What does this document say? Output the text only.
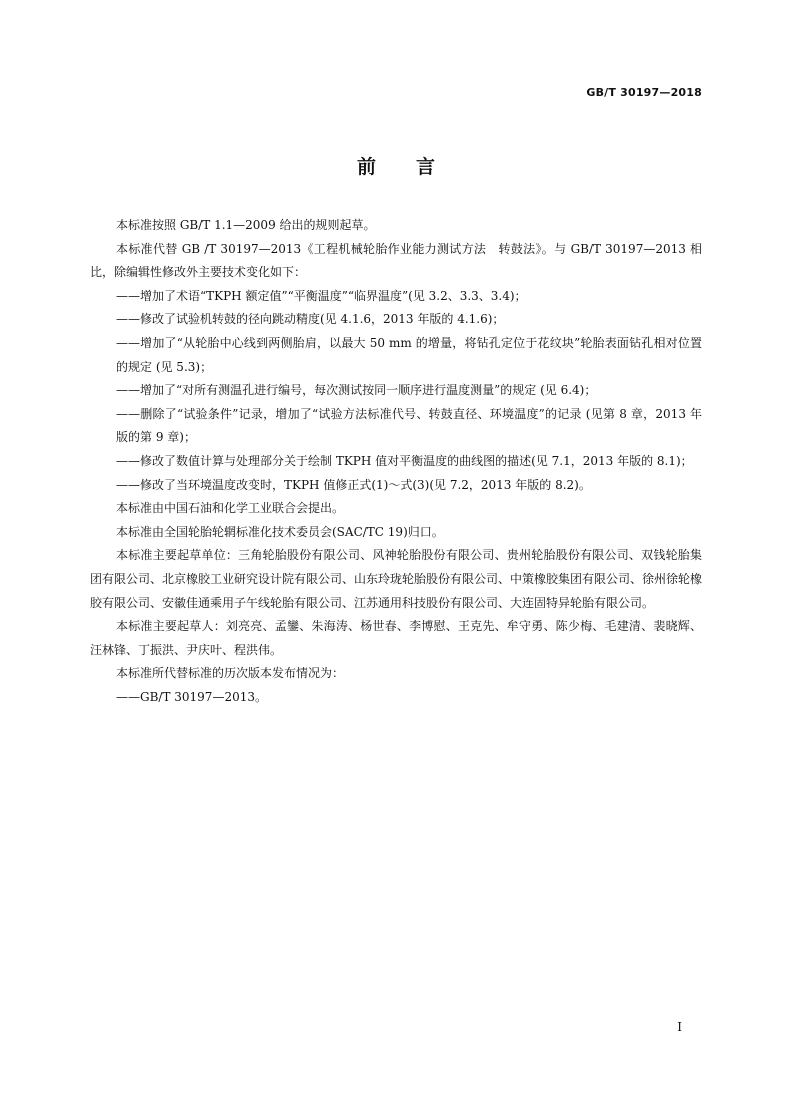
GB/T 30197—2018
前言

本标准按照 GB/T 1.1—2009 给出的规则起草。

本标准代替 GB /T 30197—2013《工程机械轮胎作业能力测试方法　转鼓法》。与 GB/T 30197—2013 相比，除编辑性修改外主要技术变化如下：

——增加了术语“TKPH 额定值”“平衡温度”“临界温度”(见 3.2、3.3、3.4)；

——修改了试验机转鼓的径向跳动精度(见 4.1.6，2013 年版的 4.1.6)；

——增加了“从轮胎中心线到两侧胎肩，以最大 50 mm 的增量，将钻孔定位于花纹块”轮胎表面钻孔相对位置的规定 (见 5.3)；

——增加了“对所有测温孔进行编号，每次测试按同一顺序进行温度测量”的规定 (见 6.4)；

——删除了“试验条件”记录，增加了“试验方法标准代号、转鼓直径、环境温度”的记录 (见第 8 章，2013 年版的第 9 章)；

——修改了数值计算与处理部分关于绘制 TKPH 值对平衡温度的曲线图的描述(见 7.1，2013 年版的 8.1)；

——修改了当环境温度改变时，TKPH 值修正式(1)～式(3)(见 7.2，2013 年版的 8.2)。

本标准由中国石油和化学工业联合会提出。

本标准由全国轮胎轮辋标准化技术委员会(SAC/TC 19)归口。

本标准主要起草单位：三角轮胎股份有限公司、风神轮胎股份有限公司、贵州轮胎股份有限公司、双钱轮胎集团有限公司、北京橡胶工业研究设计院有限公司、山东玲珑轮胎股份有限公司、中策橡胶集团有限公司、徐州徐轮橡胶有限公司、安徽佳通乘用子午线轮胎有限公司、江苏通用科技股份有限公司、大连固特异轮胎有限公司。

本标准主要起草人：刘亮亮、孟鑾、朱海涛、杨世春、李博慰、王克先、牟守勇、陈少梅、毛建清、裴晓辉、汪林锋、丁振洪、尹庆叶、程洪伟。

本标准所代替标准的历次版本发布情况为：

——GB/T 30197—2013。

I
